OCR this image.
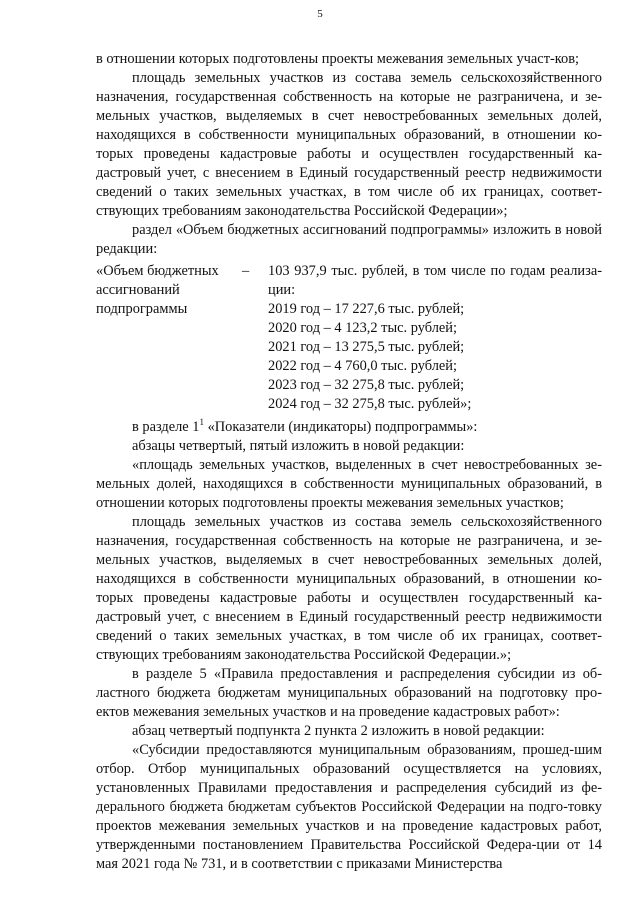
5

в отношении которых подготовлены проекты межевания земельных участ-ков;

площадь земельных участков из состава земель сельскохозяйственного назначения, государственная собственность на которые не разграничена, и зе-мельных участков, выделяемых в счет невостребованных земельных долей, находящихся в собственности муниципальных образований, в отношении ко-торых проведены кадастровые работы и осуществлен государственный ка-дастровый учет, с внесением в Единый государственный реестр недвижимости сведений о таких земельных участках, в том числе об их границах, соответ-ствующих требованиям законодательства Российской Федерации»;

раздел «Объем бюджетных ассигнований подпрограммы» изложить в новой редакции:

«Объем бюджетных
ассигнований
подпрограммы
–	103 937,9 тыс. рублей, в том числе по годам реализа-ции:
2019 год – 17 227,6 тыс. рублей;
2020 год – 4 123,2 тыс. рублей;
2021 год – 13 275,5 тыс. рублей;
2022 год – 4 760,0 тыс. рублей;
2023 год – 32 275,8 тыс. рублей;
2024 год – 32 275,8 тыс. рублей»;

в разделе $1^1$ «Показатели (индикаторы) подпрограммы»:

абзацы четвертый, пятый изложить в новой редакции:

«площадь земельных участков, выделенных в счет невостребованных зе-мельных долей, находящихся в собственности муниципальных образований, в отношении которых подготовлены проекты межевания земельных участков;

площадь земельных участков из состава земель сельскохозяйственного назначения, государственная собственность на которые не разграничена, и зе-мельных участков, выделяемых в счет невостребованных земельных долей, находящихся в собственности муниципальных образований, в отношении ко-торых проведены кадастровые работы и осуществлен государственный ка-дастровый учет, с внесением в Единый государственный реестр недвижимости сведений о таких земельных участках, в том числе об их границах, соответ-ствующих требованиям законодательства Российской Федерации.»;

в разделе 5 «Правила предоставления и распределения субсидии из об-ластного бюджета бюджетам муниципальных образований на подготовку про-ектов межевания земельных участков и на проведение кадастровых работ»:

абзац четвертый подпункта 2 пункта 2 изложить в новой редакции:

«Субсидии предоставляются муниципальным образованиям, прошед-шим отбор. Отбор муниципальных образований осуществляется на условиях, установленных Правилами предоставления и распределения субсидий из фе-дерального бюджета бюджетам субъектов Российской Федерации на подго-товку проектов межевания земельных участков и на проведение кадастровых работ, утвержденными постановлением Правительства Российской Федера-ции от 14 мая 2021 года № 731, и в соответствии с приказами Министерства
